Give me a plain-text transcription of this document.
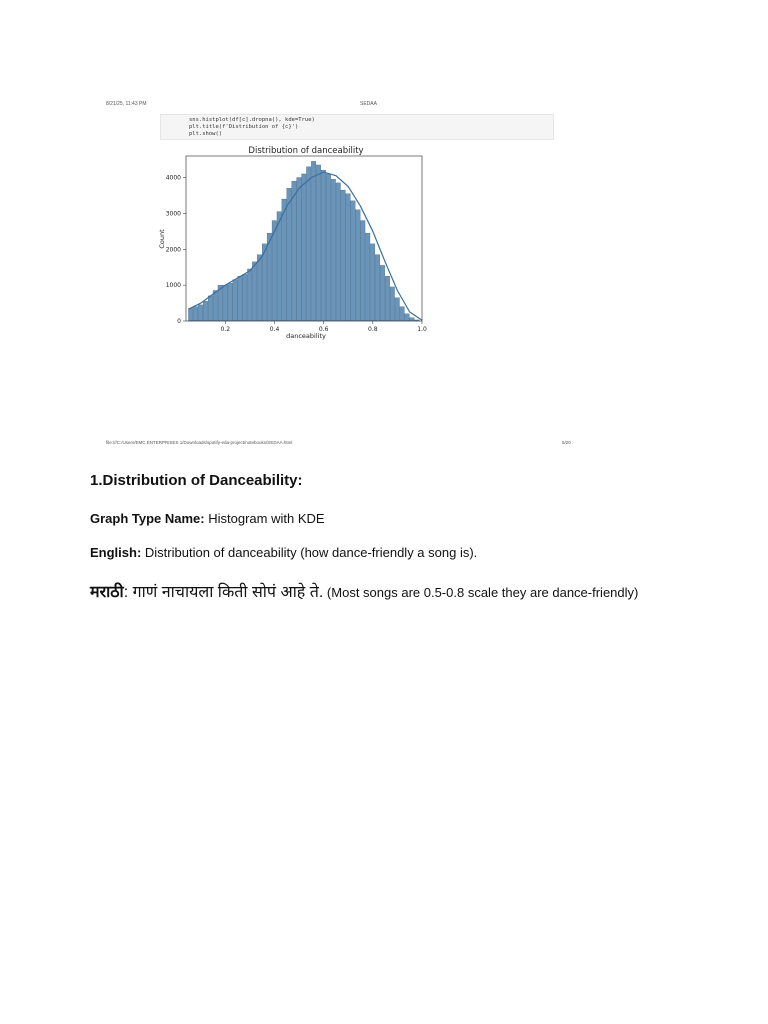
8/21/25, 11:43 PM	SEDAA
sns.histplot(df[c].dropna(), kde=True)
plt.title(f'Distribution of {c}')
plt.show()
Distribution of danceability
0.2	0.4	0.6	0.8	1.0
0
1000
2000
3000
4000
danceability
Count
file:///C:/Users/EMC ENTERPRISES 1/Downloads/spotify-eda-project/notebooks/SEDAA.html	5/20
1.Distribution of Danceability:
Graph Type Name: Histogram with KDE
English: Distribution of danceability (how dance-friendly a song is).
मराठी: गाणं नाचायला किती सोपं आहे ते. (Most songs are 0.5-0.8 scale they are dance-friendly)
